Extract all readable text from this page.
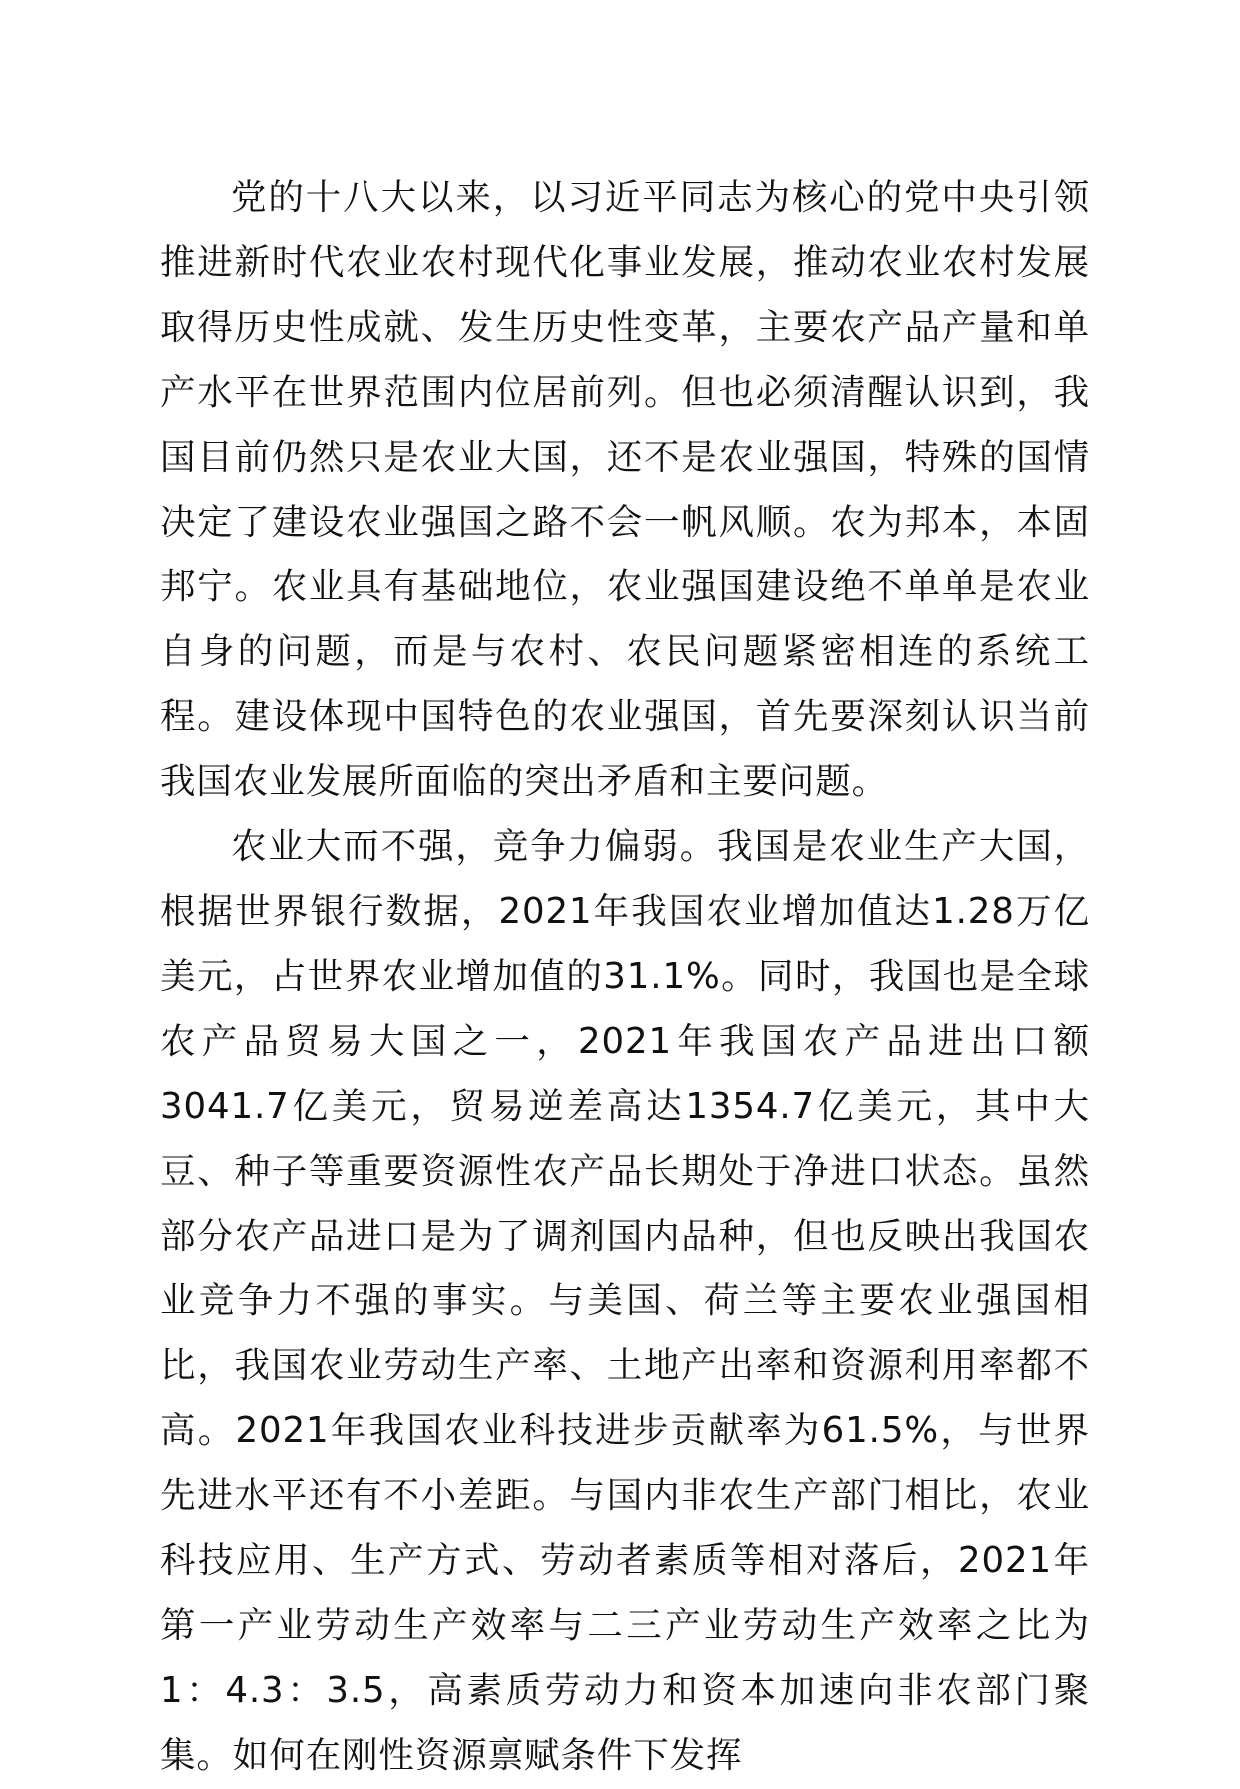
党的十八大以来，以习近平同志为核心的党中央引领推进新时代农业农村现代化事业发展，推动农业农村发展取得历史性成就、发生历史性变革，主要农产品产量和单产水平在世界范围内位居前列。但也必须清醒认识到，我国目前仍然只是农业大国，还不是农业强国，特殊的国情决定了建设农业强国之路不会一帆风顺。农为邦本，本固邦宁。农业具有基础地位，农业强国建设绝不单单是农业自身的问题，而是与农村、农民问题紧密相连的系统工程。建设体现中国特色的农业强国，首先要深刻认识当前我国农业发展所面临的突出矛盾和主要问题。

农业大而不强，竞争力偏弱。我国是农业生产大国，根据世界银行数据，2021年我国农业增加值达1.28万亿美元，占世界农业增加值的31.1%。同时，我国也是全球农产品贸易大国之一，2021年我国农产品进出口额3041.7亿美元，贸易逆差高达1354.7亿美元，其中大豆、种子等重要资源性农产品长期处于净进口状态。虽然部分农产品进口是为了调剂国内品种，但也反映出我国农业竞争力不强的事实。与美国、荷兰等主要农业强国相比，我国农业劳动生产率、土地产出率和资源利用率都不高。2021年我国农业科技进步贡献率为61.5%，与世界先进水平还有不小差距。与国内非农生产部门相比，农业科技应用、生产方式、劳动者素质等相对落后，2021年第一产业劳动生产效率与二三产业劳动生产效率之比为1：4.3：3.5，高素质劳动力和资本加速向非农部门聚集。如何在刚性资源禀赋条件下发挥
